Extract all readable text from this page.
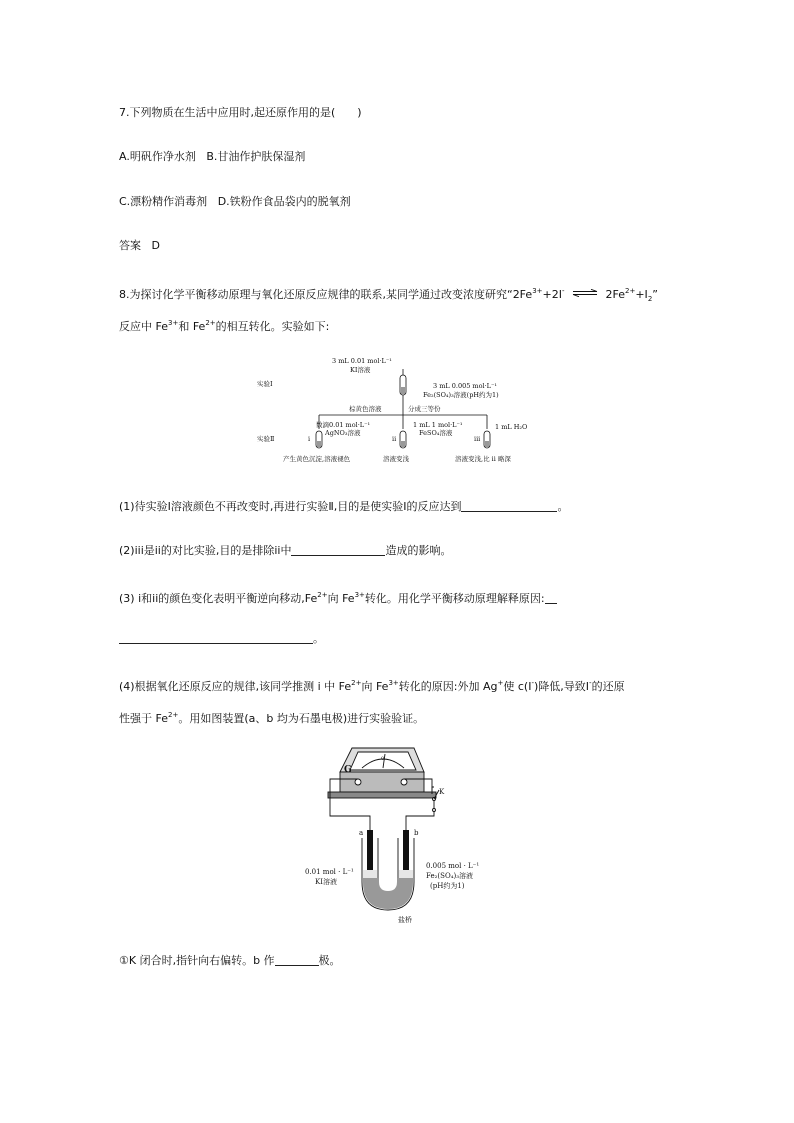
7.下列物质在生活中应用时,起还原作用的是(　　)
A.明矾作净水剂 B.甘油作护肤保湿剂
C.漂粉精作消毒剂 D.铁粉作食品袋内的脱氧剂
答案 D
8.为探讨化学平衡移动原理与氧化还原反应规律的联系,某同学通过改变浓度研究“$2Fe^{3+}+2I^-$ ⇌ $2Fe^{2+}+I_2$”
反应中 $Fe^{3+}$和 $Fe^{2+}$的相互转化。实验如下:
3 mL 0.01 mol·L⁻¹
KI溶液
实验Ⅰ	3 mL 0.005 mol·L⁻¹
Fe₂(SO₄)₃溶液(pH约为1)
棕黄色溶液	分成三等份
实验Ⅱ	i
数滴0.01 mol·L⁻¹
AgNO₃溶液
ii
1 mL 1 mol·L⁻¹
FeSO₄溶液
iii
1 mL H₂O
产生黄色沉淀,溶液褪色	溶液变浅	溶液变浅,比 ii 略深
(1)待实验Ⅰ溶液颜色不再改变时,再进行实验Ⅱ,目的是使实验Ⅰ的反应达到	。
(2)iii是ii的对比实验,目的是排除ii中	造成的影响。
(3) i和ii的颜色变化表明平衡逆向移动$,Fe^{2+}$向 $Fe^{3+}$转化。用化学平衡移动原理解释原因:
。
(4)根据氧化还原反应的规律,该同学推测 i 中 $Fe^{2+}$向 $Fe^{3+}$转化的原因:外加 Ag+使 c(I-)降低,导致I-的还原
性强于 $Fe^{2+}$。用如图装置(a、b 均为石墨电极)进行实验验证。
G
0
K
a	b
0.01 mol · L⁻¹
KI溶液
0.005 mol · L⁻¹
Fe₂(SO₄)₃溶液
(pH约为1)
盐桥
①K 闭合时,指针向右偏转。b 作	极。
